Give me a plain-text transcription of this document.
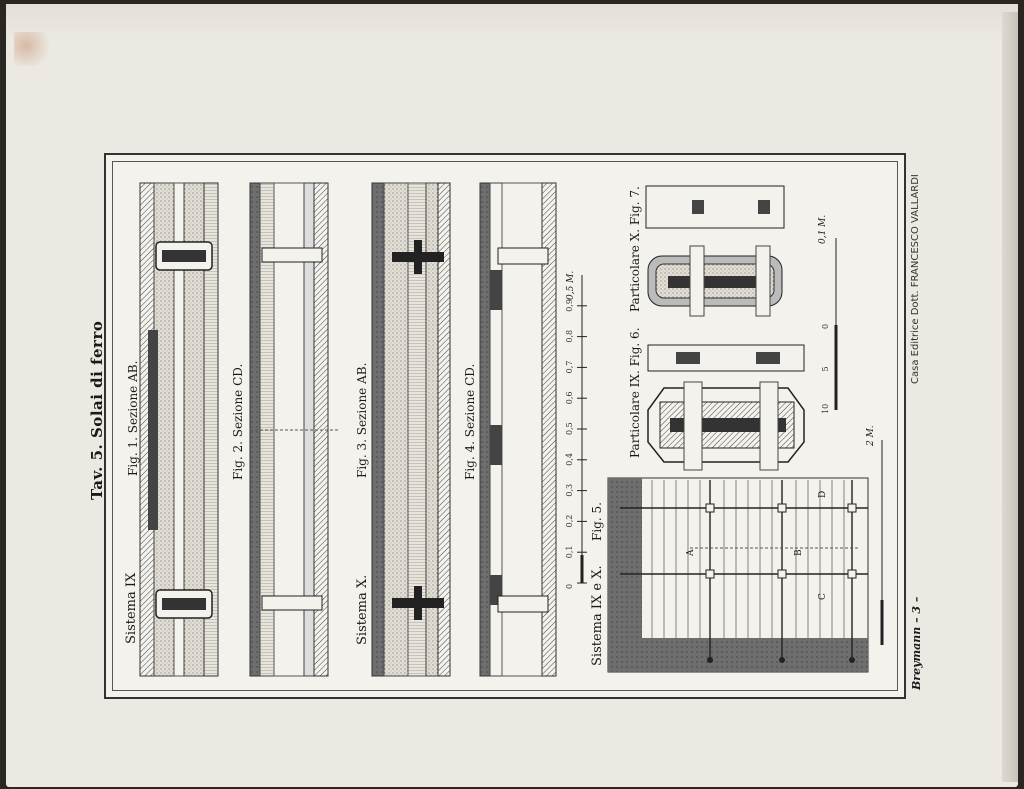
0
0,1
0,2
0,3
0,4
0,5
0,6
0,7
0,8
0,9
10
5
0
Tav. 5. Solai di ferro
Sistema IX
Fig. 1. Sezione AB.	Fig. 2. Sezione CD.
Sistema X.
Fig. 3. Sezione AB.	Fig. 4. Sezione CD.
0,5 M.
Sistema IX e X.
Fig. 5.
Particolare IX. Fig. 6.
Particolare X. Fig. 7.
2 M.
0,1 M.
A	B
C
D
Casa Editrice Dott. FRANCESCO VALLARDI
Breymann – 3 –
